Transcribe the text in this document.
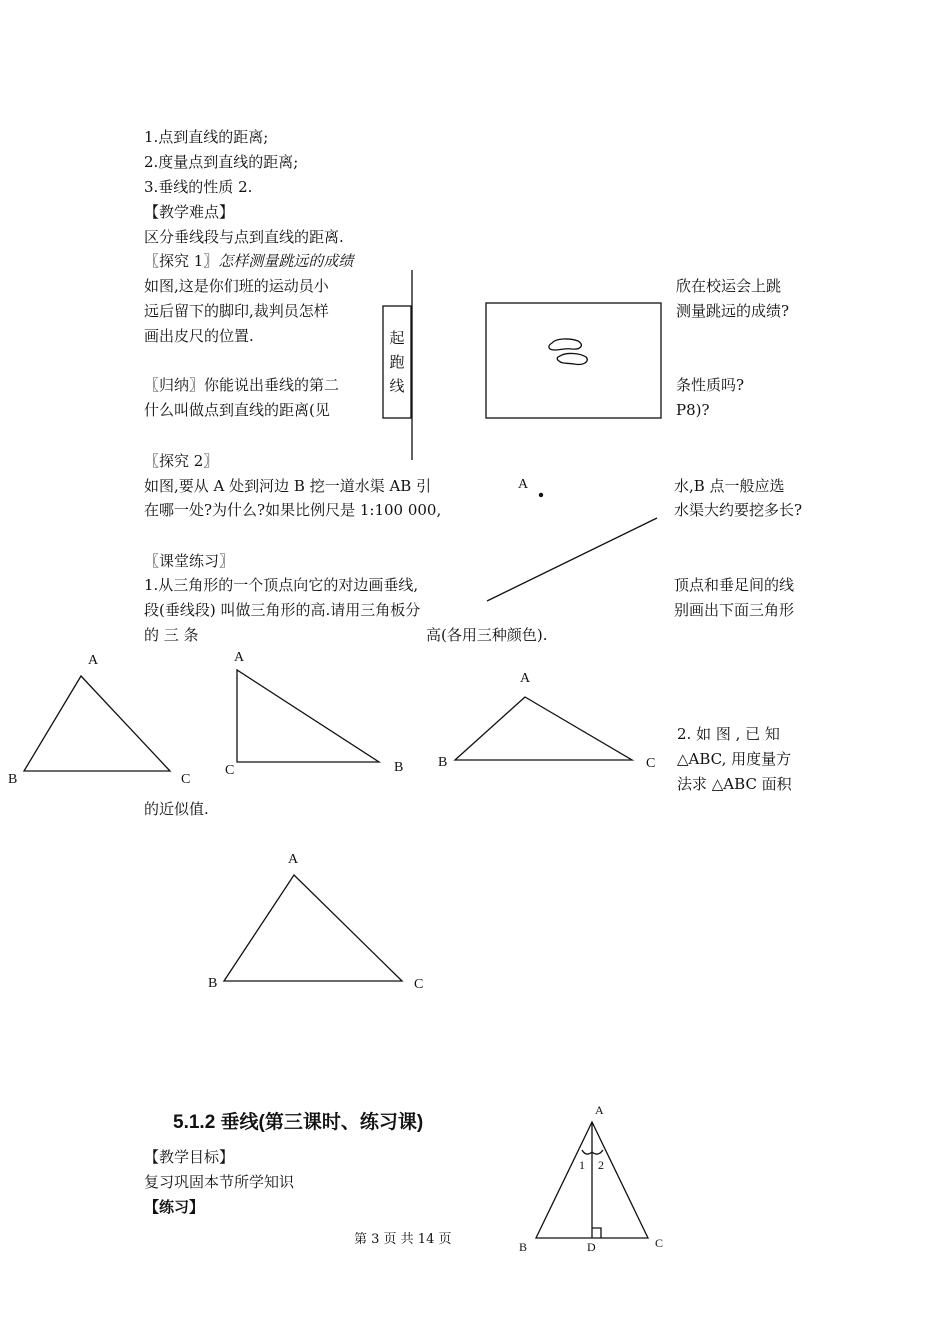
1.点到直线的距离;
2.度量点到直线的距离;
3.垂线的性质 2.
【教学难点】
区分垂线段与点到直线的距离.
〖探究 1〗怎样测量跳远的成绩
如图,这是你们班的运动员小
远后留下的脚印,裁判员怎样
画出皮尺的位置.
欣在校运会上跳
测量跳远的成绩?
〖归纳〗你能说出垂线的第二
什么叫做点到直线的距离(见
条性质吗?
P8)?
〖探究 2〗
如图,要从 A 处到河边 B 挖一道水渠 AB 引
在哪一处?为什么?如果比例尺是 1:100 000,
水,B 点一般应选
水渠大约要挖多长?
〖课堂练习〗
1.从三角形的一个顶点向它的对边画垂线,
段(垂线段) 叫做三角形的高.请用三角板分
的 三 条	高(各用三种颜色).
顶点和垂足间的线
别画出下面三角形
2. 如 图 , 已 知
△ABC, 用度量方
法求 △ABC 面积
的近似值.
5.1.2 垂线(第三课时、练习课)
【教学目标】
复习巩固本节所学知识
【练习】
第 3 页 共 14 页
起
跑
线
A
A
B	C
A
C	B
A
B	C
A
B	C
A
1 2
B	D	C
